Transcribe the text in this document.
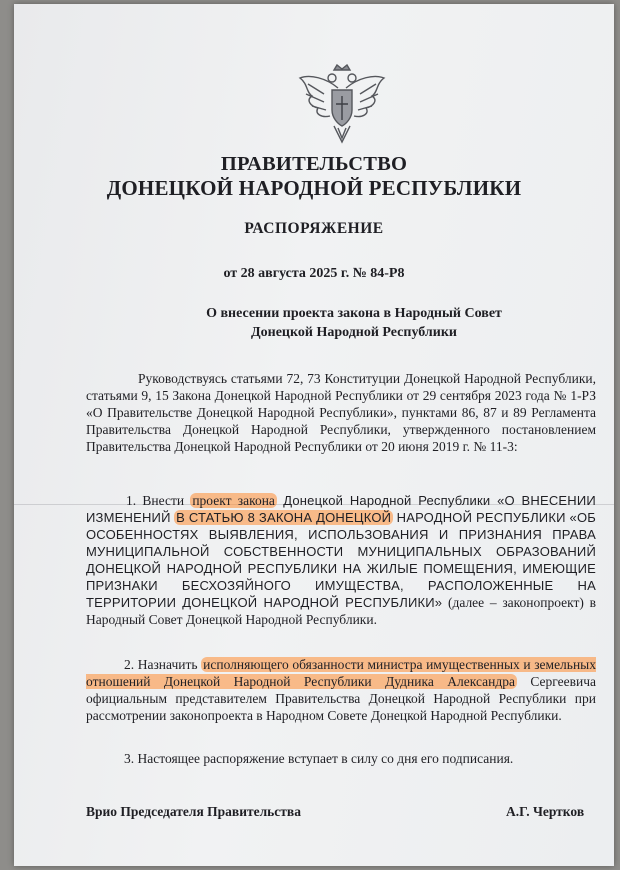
ПРАВИТЕЛЬСТВО
ДОНЕЦКОЙ НАРОДНОЙ РЕСПУБЛИКИ
РАСПОРЯЖЕНИЕ
от 28 августа 2025 г. № 84-Р8
О внесении проекта закона в Народный Совет
Донецкой Народной Республики
Руководствуясь статьями 72, 73 Конституции Донецкой Народной Республики, статьями 9, 15 Закона Донецкой Народной Республики от 29 сентября 2023 года № 1-РЗ «О Правительстве Донецкой Народной Республики», пунктами 86, 87 и 89 Регламента Правительства Донецкой Народной Республики, утвержденного постановлением Правительства Донецкой Народной Республики от 20 июня 2019 г. № 11-3:
1. Внести проект закона Донецкой Народной Республики «О ВНЕСЕНИИ ИЗМЕНЕНИЙ В СТАТЬЮ 8 ЗАКОНА ДОНЕЦКОЙ НАРОДНОЙ РЕСПУБЛИКИ «ОБ ОСОБЕННОСТЯХ ВЫЯВЛЕНИЯ, ИСПОЛЬЗОВАНИЯ И ПРИЗНАНИЯ ПРАВА МУНИЦИПАЛЬНОЙ СОБСТВЕННОСТИ МУНИЦИПАЛЬНЫХ ОБРАЗОВАНИЙ ДОНЕЦКОЙ НАРОДНОЙ РЕСПУБЛИКИ НА ЖИЛЫЕ ПОМЕЩЕНИЯ, ИМЕЮЩИЕ ПРИЗНАКИ БЕСХОЗЯЙНОГО ИМУЩЕСТВА, РАСПОЛОЖЕННЫЕ НА ТЕРРИТОРИИ ДОНЕЦКОЙ НАРОДНОЙ РЕСПУБЛИКИ» (далее – законопроект) в Народный Совет Донецкой Народной Республики.
2. Назначить исполняющего обязанности министра имущественных и земельных отношений Донецкой Народной Республики Дудника Александра Сергеевича официальным представителем Правительства Донецкой Народной Республики при рассмотрении законопроекта в Народном Совете Донецкой Народной Республики.
3. Настоящее распоряжение вступает в силу со дня его подписания.
Врио Председателя Правительства	А.Г. Чертков
